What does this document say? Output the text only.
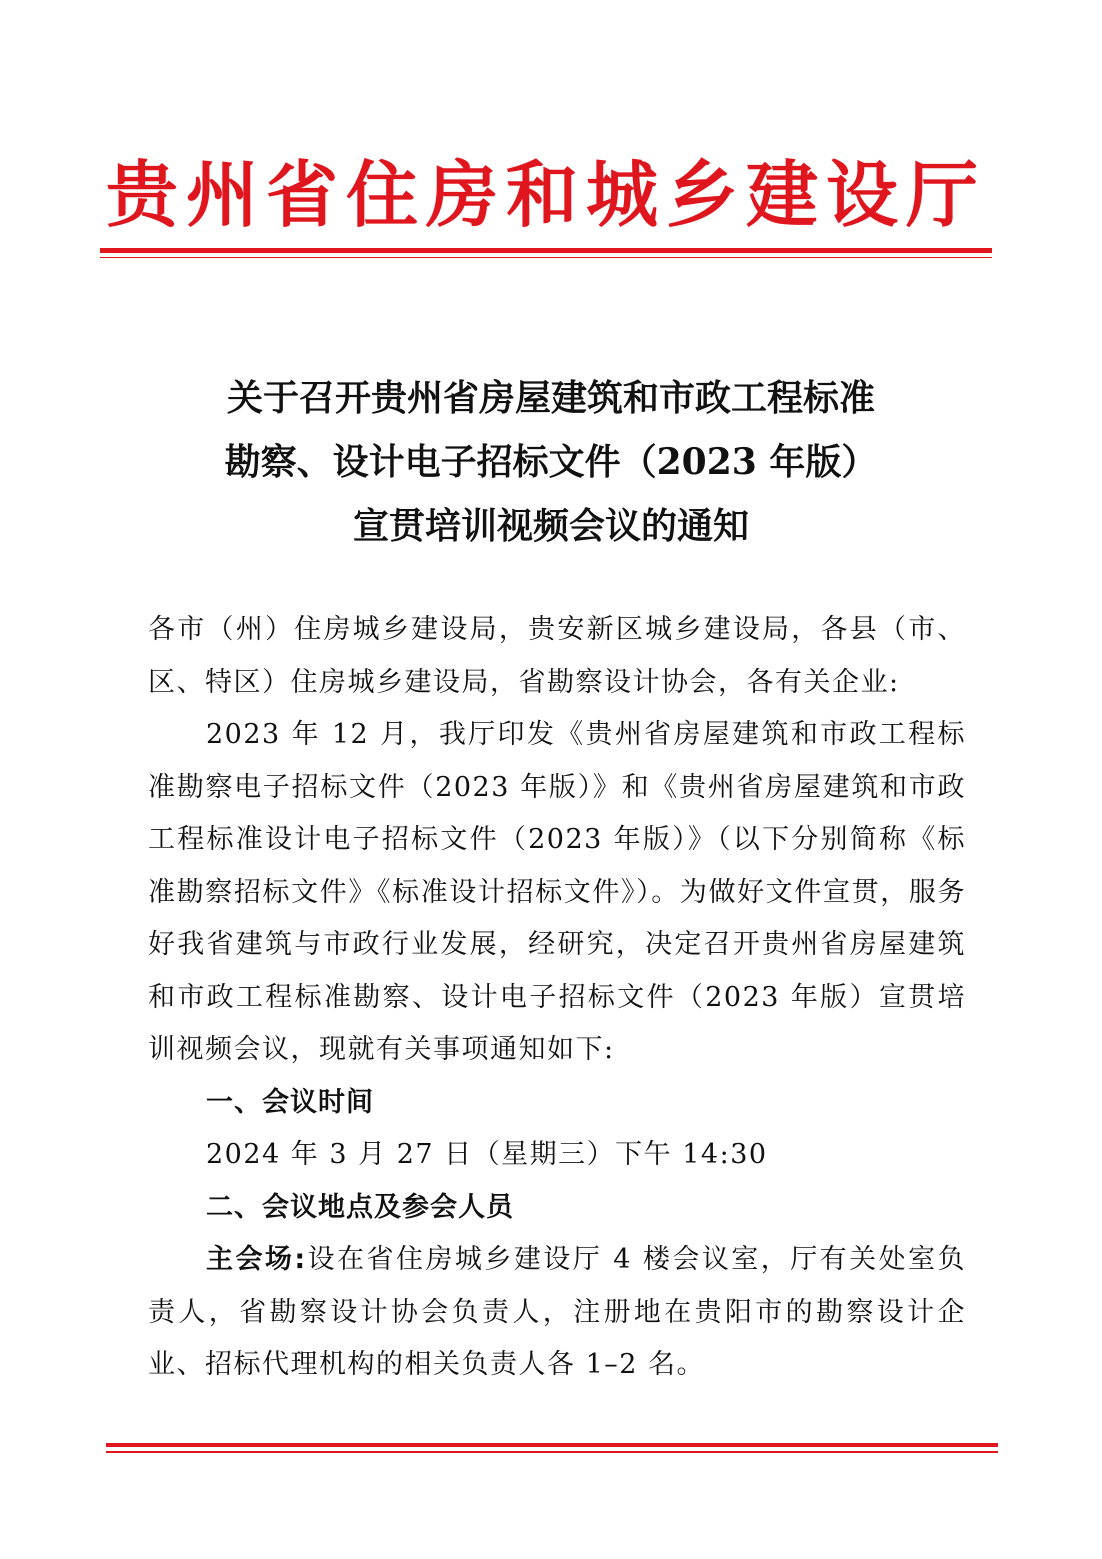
贵州省住房和城乡建设厅
关于召开贵州省房屋建筑和市政工程标准
勘察、设计电子招标文件（2023 年版）
宣贯培训视频会议的通知

各市（州）住房城乡建设局，贵安新区城乡建设局，各县（市、区、特区）住房城乡建设局，省勘察设计协会，各有关企业:

2023 年 12 月，我厅印发《贵州省房屋建筑和市政工程标准勘察电子招标文件（2023 年版）》和《贵州省房屋建筑和市政工程标准设计电子招标文件（2023 年版）》（以下分别简称《标准勘察招标文件》《标准设计招标文件》）。为做好文件宣贯，服务好我省建筑与市政行业发展，经研究，决定召开贵州省房屋建筑和市政工程标准勘察、设计电子招标文件（2023 年版）宣贯培训视频会议，现就有关事项通知如下:

一、会议时间

2024 年 3 月 27 日（星期三）下午 14:30

二、会议地点及参会人员

主会场:设在省住房城乡建设厅 4 楼会议室，厅有关处室负责人，省勘察设计协会负责人，注册地在贵阳市的勘察设计企业、招标代理机构的相关负责人各 1–2 名。
